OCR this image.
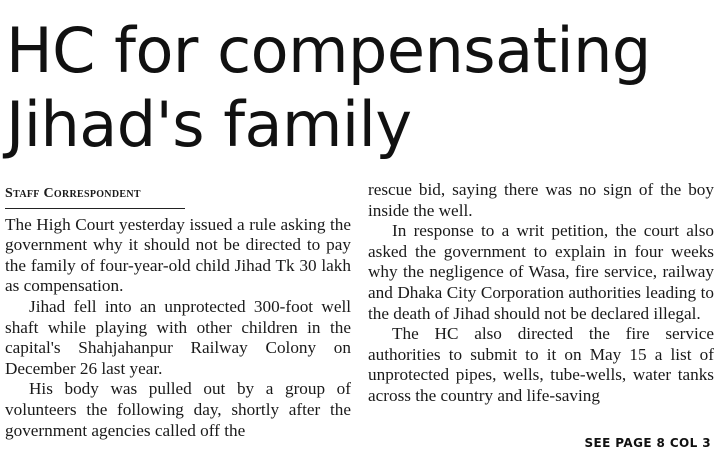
HC for compensating
Jihad's family
Staff Correspondent

The High Court yesterday issued a rule asking the government why it should not be directed to pay the family of four-year-old child Jihad Tk 30 lakh as compensation.

Jihad fell into an unprotected 300-foot well shaft while playing with other children in the capital's Shahjahanpur Railway Colony on December 26 last year.

His body was pulled out by a group of volunteers the following day, shortly after the government agencies called off the

rescue bid, saying there was no sign of the boy inside the well.

In response to a writ petition, the court also asked the government to explain in four weeks why the negligence of Wasa, fire service, railway and Dhaka City Corporation authorities leading to the death of Jihad should not be declared illegal.

The HC also directed the fire service authorities to submit to it on May 15 a list of unprotected pipes, wells, tube-wells, water tanks across the country and life-saving

SEE PAGE 8 COL 3
